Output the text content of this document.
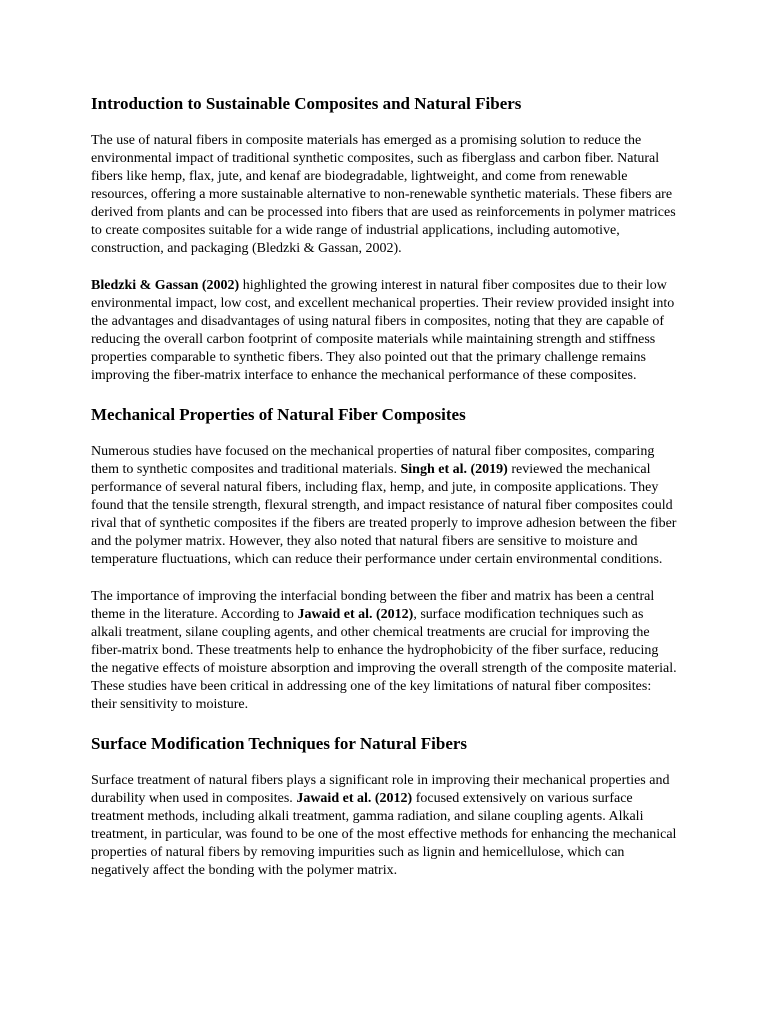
Introduction to Sustainable Composites and Natural Fibers

The use of natural fibers in composite materials has emerged as a promising solution to reduce the environmental impact of traditional synthetic composites, such as fiberglass and carbon fiber. Natural fibers like hemp, flax, jute, and kenaf are biodegradable, lightweight, and come from renewable resources, offering a more sustainable alternative to non-renewable synthetic materials. These fibers are derived from plants and can be processed into fibers that are used as reinforcements in polymer matrices to create composites suitable for a wide range of industrial applications, including automotive, construction, and packaging (Bledzki & Gassan, 2002).

Bledzki & Gassan (2002) highlighted the growing interest in natural fiber composites due to their low environmental impact, low cost, and excellent mechanical properties. Their review provided insight into the advantages and disadvantages of using natural fibers in composites, noting that they are capable of reducing the overall carbon footprint of composite materials while maintaining strength and stiffness properties comparable to synthetic fibers. They also pointed out that the primary challenge remains improving the fiber-matrix interface to enhance the mechanical performance of these composites.

Mechanical Properties of Natural Fiber Composites

Numerous studies have focused on the mechanical properties of natural fiber composites, comparing them to synthetic composites and traditional materials. Singh et al. (2019) reviewed the mechanical performance of several natural fibers, including flax, hemp, and jute, in composite applications. They found that the tensile strength, flexural strength, and impact resistance of natural fiber composites could rival that of synthetic composites if the fibers are treated properly to improve adhesion between the fiber and the polymer matrix. However, they also noted that natural fibers are sensitive to moisture and temperature fluctuations, which can reduce their performance under certain environmental conditions.

The importance of improving the interfacial bonding between the fiber and matrix has been a central theme in the literature. According to Jawaid et al. (2012), surface modification techniques such as alkali treatment, silane coupling agents, and other chemical treatments are crucial for improving the fiber-matrix bond. These treatments help to enhance the hydrophobicity of the fiber surface, reducing the negative effects of moisture absorption and improving the overall strength of the composite material. These studies have been critical in addressing one of the key limitations of natural fiber composites: their sensitivity to moisture.

Surface Modification Techniques for Natural Fibers

Surface treatment of natural fibers plays a significant role in improving their mechanical properties and durability when used in composites. Jawaid et al. (2012) focused extensively on various surface treatment methods, including alkali treatment, gamma radiation, and silane coupling agents. Alkali treatment, in particular, was found to be one of the most effective methods for enhancing the mechanical properties of natural fibers by removing impurities such as lignin and hemicellulose, which can negatively affect the bonding with the polymer matrix.
